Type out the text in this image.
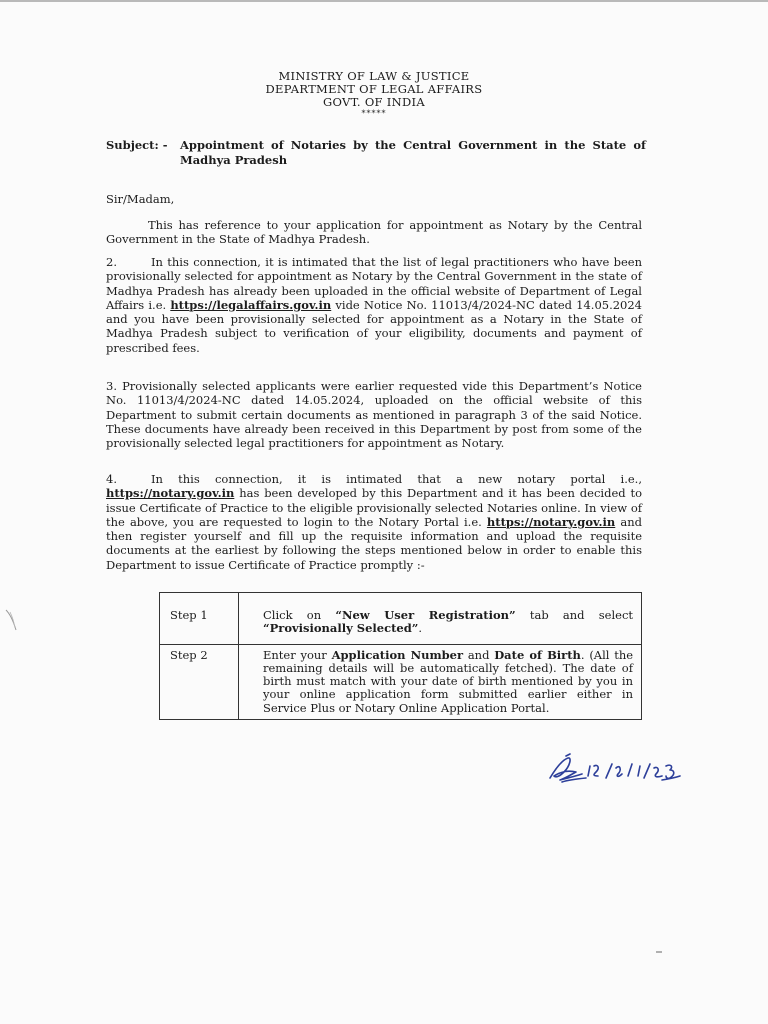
MINISTRY OF LAW & JUSTICE
DEPARTMENT OF LEGAL AFFAIRS
GOVT. OF INDIA
*****
Subject: - Appointment of Notaries by the Central Government in the State of Madhya Pradesh
Sir/Madam,
This has reference to your application for appointment as Notary by the Central Government in the State of Madhya Pradesh.
2.	In this connection, it is intimated that the list of legal practitioners who have been provisionally selected for appointment as Notary by the Central Government in the state of Madhya Pradesh has already been uploaded in the official website of Department of Legal Affairs i.e. https://legalaffairs.gov.in vide Notice No. 11013/4/2024-NC dated 14.05.2024 and you have been provisionally selected for appointment as a Notary in the State of Madhya Pradesh subject to verification of your eligibility, documents and payment of prescribed fees.
3. Provisionally selected applicants were earlier requested vide this Department’s Notice No. 11013/4/2024-NC dated 14.05.2024, uploaded on the official website of this Department to submit certain documents as mentioned in paragraph 3 of the said Notice. These documents have already been received in this Department by post from some of the provisionally selected legal practitioners for appointment as Notary.
4.	In this connection, it is intimated that a new notary portal i.e., https://notary.gov.in has been developed by this Department and it has been decided to issue Certificate of Practice to the eligible provisionally selected Notaries online. In view of the above, you are requested to login to the Notary Portal i.e. https://notary.gov.in and then register yourself and fill up the requisite information and upload the requisite documents at the earliest by following the steps mentioned below in order to enable this Department to issue Certificate of Practice promptly :-
Step 1	Click on “New User Registration” tab and select “Provisionally Selected”.
Step 2	Enter your Application Number and Date of Birth. (All the remaining details will be automatically fetched). The date of birth must match with your date of birth mentioned by you in your online application form submitted earlier either in Service Plus or Notary Online Application Portal.
